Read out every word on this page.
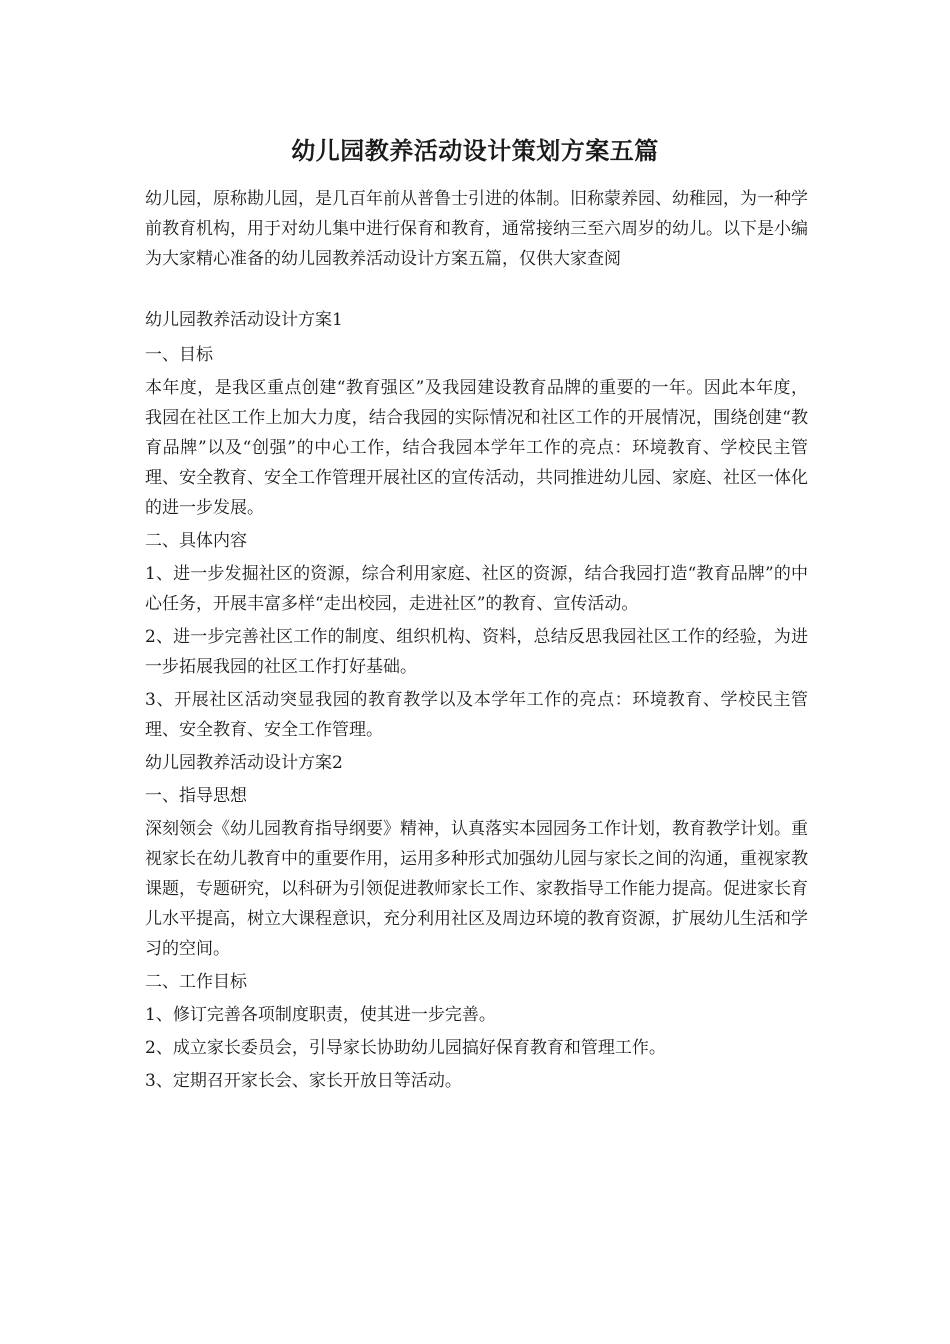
幼儿园教养活动设计策划方案五篇
幼儿园，原称勘儿园，是几百年前从普鲁士引进的体制。旧称蒙养园、幼稚园，为一种学前教育机构，用于对幼儿集中进行保育和教育，通常接纳三至六周岁的幼儿。以下是小编为大家精心准备的幼儿园教养活动设计方案五篇，仅供大家查阅
幼儿园教养活动设计方案1
一、目标
本年度，是我区重点创建“教育强区”及我园建设教育品牌的重要的一年。因此本年度，我园在社区工作上加大力度，结合我园的实际情况和社区工作的开展情况，围绕创建“教育品牌”以及“创强”的中心工作，结合我园本学年工作的亮点：环境教育、学校民主管理、安全教育、安全工作管理开展社区的宣传活动，共同推进幼儿园、家庭、社区一体化的进一步发展。
二、具体内容
1、进一步发掘社区的资源，综合利用家庭、社区的资源，结合我园打造“教育品牌”的中心任务，开展丰富多样“走出校园，走进社区”的教育、宣传活动。
2、进一步完善社区工作的制度、组织机构、资料，总结反思我园社区工作的经验，为进一步拓展我园的社区工作打好基础。
3、开展社区活动突显我园的教育教学以及本学年工作的亮点：环境教育、学校民主管理、安全教育、安全工作管理。
幼儿园教养活动设计方案2
一、指导思想
深刻领会《幼儿园教育指导纲要》精神，认真落实本园园务工作计划，教育教学计划。重视家长在幼儿教育中的重要作用，运用多种形式加强幼儿园与家长之间的沟通，重视家教课题，专题研究，以科研为引领促进教师家长工作、家教指导工作能力提高。促进家长育儿水平提高，树立大课程意识，充分利用社区及周边环境的教育资源，扩展幼儿生活和学习的空间。
二、工作目标
1、修订完善各项制度职责，使其进一步完善。
2、成立家长委员会，引导家长协助幼儿园搞好保育教育和管理工作。
3、定期召开家长会、家长开放日等活动。
